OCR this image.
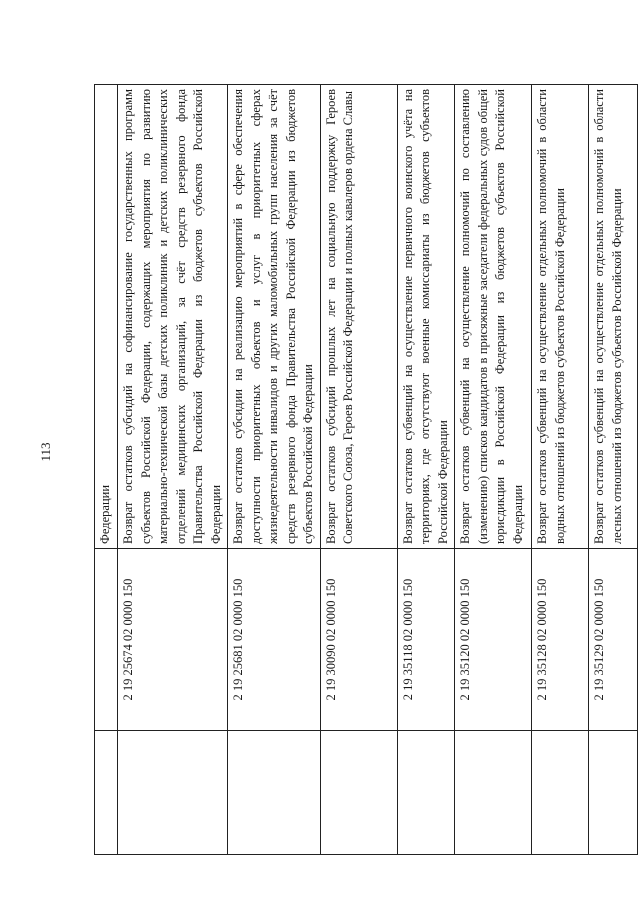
113
		Федерации
	2 19 25674 02 0000 150	Возврат остатков субсидий на софинансирование государственных программ субъектов Российской Федерации, содержащих мероприятия по развитию материально-технической базы детских поликлиник и детских поликлинических отделений медицинских организаций, за счёт средств резервного фонда Правительства Российской Федерации из бюджетов субъектов Российской Федерации
	2 19 25681 02 0000 150	Возврат остатков субсидии на реализацию мероприятий в сфере обеспечения доступности приоритетных объектов и услуг в приоритетных сферах жизнедеятельности инвалидов и других маломобильных групп населения за счёт средств резервного фонда Правительства Российской Федерации из бюджетов субъектов Российской Федерации
	2 19 30090 02 0000 150	Возврат остатков субсидий прошлых лет на социальную поддержку Героев Советского Союза, Героев Российской Федерации и полных кавалеров ордена Славы
	2 19 35118 02 0000 150	Возврат остатков субвенций на осуществление первичного воинского учёта на территориях, где отсутствуют военные комиссариаты из бюджетов субъектов Российской Федерации
	2 19 35120 02 0000 150	Возврат остатков субвенций на осуществление полномочий по составлению (изменению) списков кандидатов в присяжные заседатели федеральных судов общей юрисдикции в Российской Федерации из бюджетов субъектов Российской Федерации
	2 19 35128 02 0000 150	Возврат остатков субвенций на осуществление отдельных полномочий в области водных отношений из бюджетов субъектов Российской Федерации
	2 19 35129 02 0000 150	Возврат остатков субвенций на осуществление отдельных полномочий в области лесных отношений из бюджетов субъектов Российской Федерации
